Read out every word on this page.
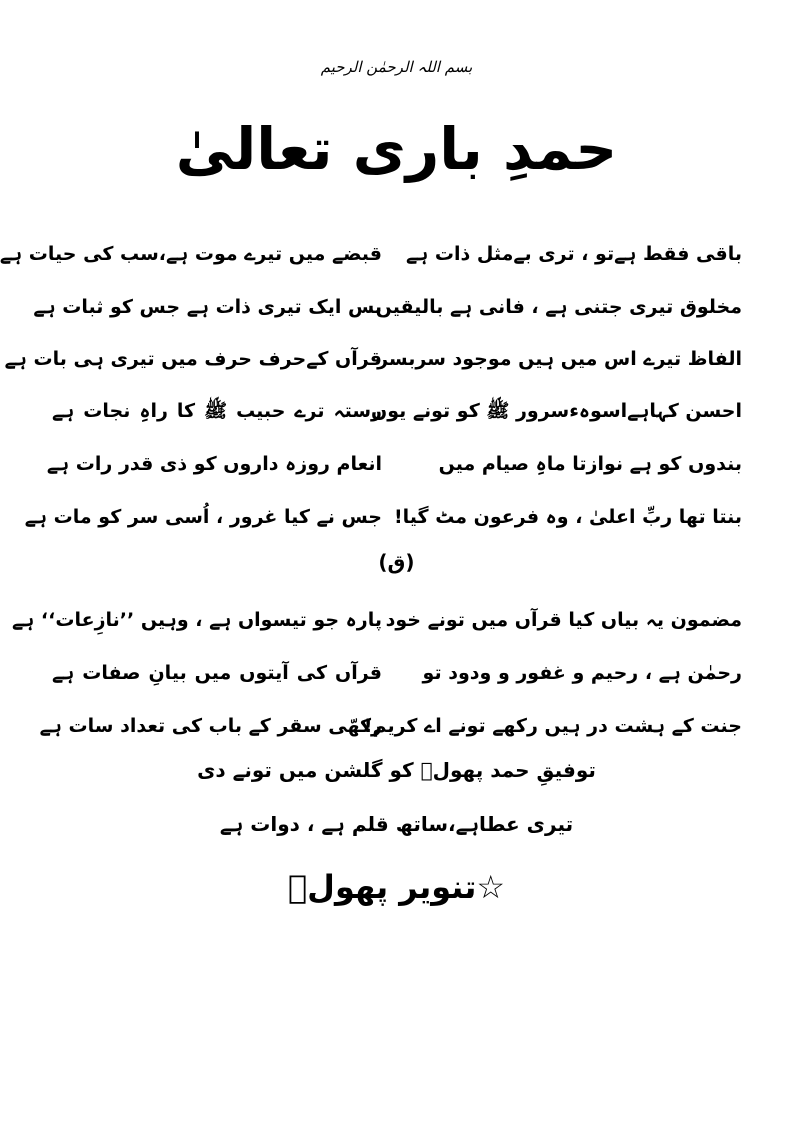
بسم اللہ الرحمٰن الرحیم
حمدِ باری تعالیٰ
باقی فقط ہےتو ، تری بےمثل ذات ہے
قبضے میں تیرے موت ہے،سب کی حیات ہے
مخلوق تیری جتنی ہے ، فانی ہے بالیقیں
بس ایک تیری ذات ہے جس کو ثبات ہے
الفاظ تیرے اس میں ہیں موجود سربسر
قرآں کےحرف حرف میں تیری ہی بات ہے
احسن کہاہےاسوہءسرور ﷺ کو تونے یوں
رستہ ترے حبیب ﷺ کا راہِ نجات ہے
بندوں کو ہے نوازتا ماہِ صیام میں
انعام روزہ داروں کو ذی قدر رات ہے
بنتا تھا ربِّ اعلیٰ ، وہ فرعون مٹ گیا!
جس نے کیا غرور ، اُسی سر کو مات ہے
(ق)
مضمون یہ بیاں کیا قرآں میں تونے خود
پارہ جو تیسواں ہے ، وہیں ’’نازِعات‘‘ ہے
رحمٰن ہے ، رحیم و غفور و ودود تو
قرآں کی آیتوں میں بیانِ صفات ہے
جنت کے ہشت در ہیں رکھے تونے اے کریم!
رکھّی سقر کے باب کی تعداد سات ہے
توفیقِ حمد پھولؔ کو گلشن میں تونے دی
تیری عطاہے،ساتھ قلم ہے ، دوات ہے
☆تنویر پھولؔ
